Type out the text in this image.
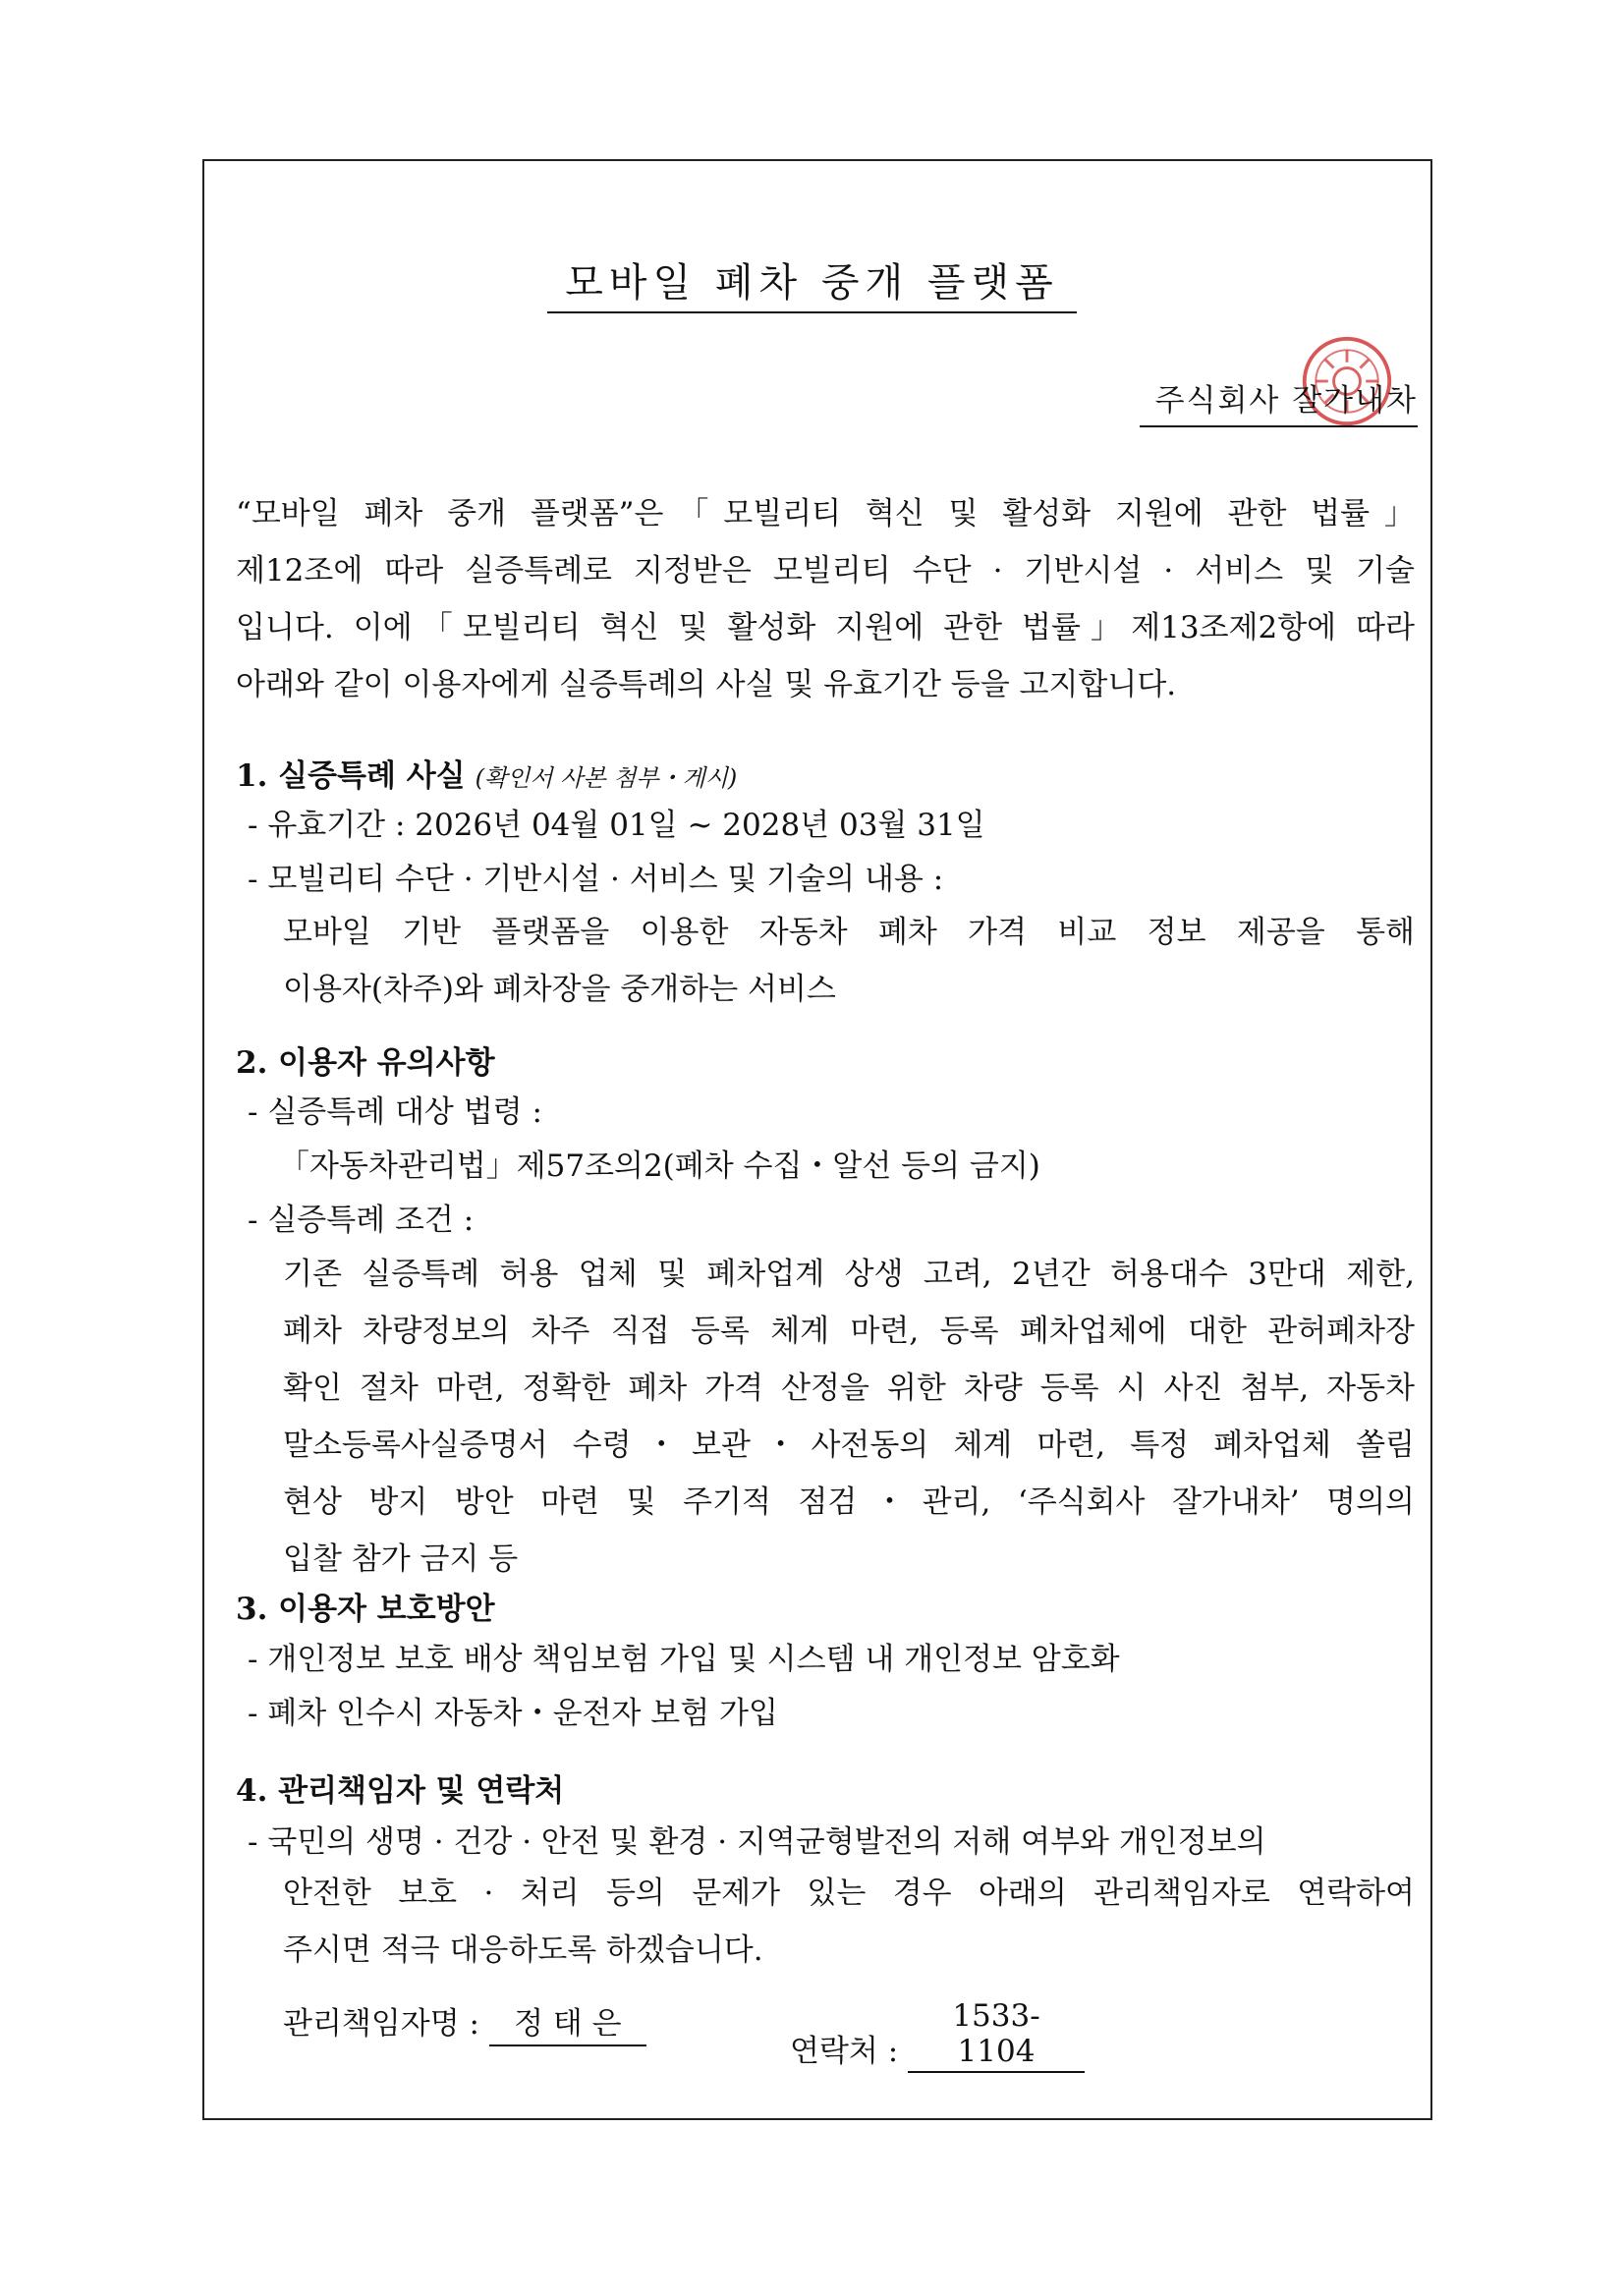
모바일 폐차 중개 플랫폼
주식회사 잘가내차
“모바일 폐차 중개 플랫폼”은「모빌리티 혁신 및 활성화 지원에 관한 법률」
제12조에 따라 실증특례로 지정받은 모빌리티 수단 · 기반시설 · 서비스 및 기술
입니다. 이에「모빌리티 혁신 및 활성화 지원에 관한 법률」제13조제2항에 따라
아래와 같이 이용자에게 실증특례의 사실 및 유효기간 등을 고지합니다.
1. 실증특례 사실 (확인서 사본 첨부・게시)
- 유효기간 : 2026년 04월 01일 ~ 2028년 03월 31일
- 모빌리티 수단 · 기반시설 · 서비스 및 기술의 내용 :
모바일 기반 플랫폼을 이용한 자동차 폐차 가격 비교 정보 제공을 통해
이용자(차주)와 폐차장을 중개하는 서비스
2. 이용자 유의사항
- 실증특례 대상 법령 :
「자동차관리법」제57조의2(폐차 수집・알선 등의 금지)
- 실증특례 조건 :
기존 실증특례 허용 업체 및 폐차업계 상생 고려, 2년간 허용대수 3만대 제한,
폐차 차량정보의 차주 직접 등록 체계 마련, 등록 폐차업체에 대한 관허폐차장
확인 절차 마련, 정확한 폐차 가격 산정을 위한 차량 등록 시 사진 첨부, 자동차
말소등록사실증명서 수령・보관・사전동의 체계 마련, 특정 폐차업체 쏠림
현상 방지 방안 마련 및 주기적 점검・관리, ‘주식회사 잘가내차’ 명의의
입찰 참가 금지 등
3. 이용자 보호방안
- 개인정보 보호 배상 책임보험 가입 및 시스템 내 개인정보 암호화
- 폐차 인수시 자동차・운전자 보험 가입
4. 관리책임자 및 연락처
- 국민의 생명 · 건강 · 안전 및 환경 · 지역균형발전의 저해 여부와 개인정보의
안전한 보호 · 처리 등의 문제가 있는 경우 아래의 관리책임자로 연락하여
주시면 적극 대응하도록 하겠습니다.
관리책임자명 : 정 태 은
연락처 : 1533-1104
